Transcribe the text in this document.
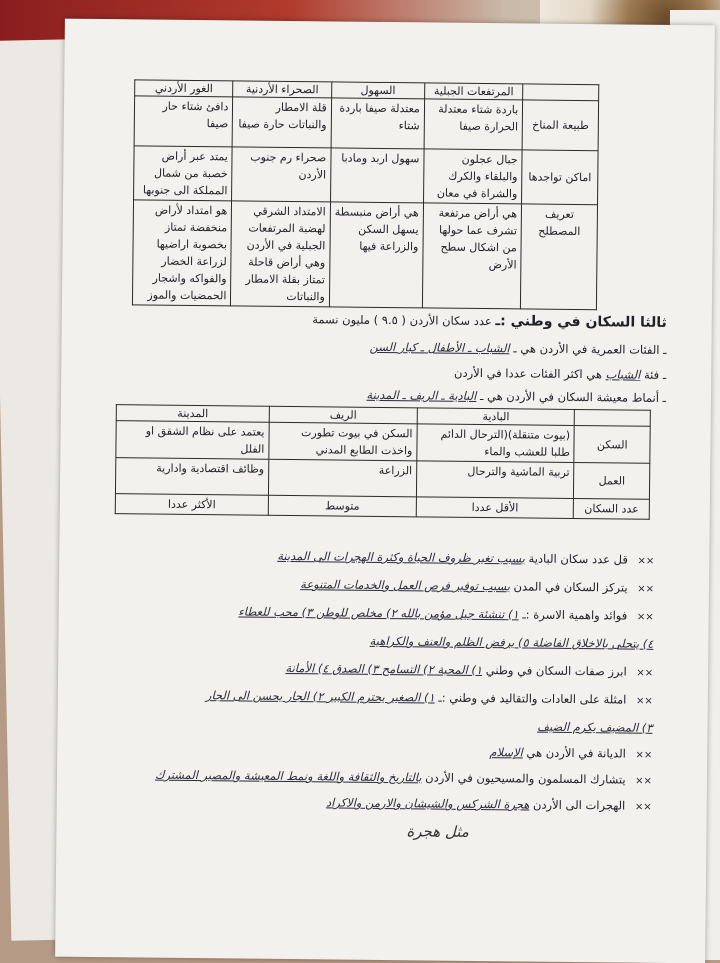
	المرتفعات الجبلية	السهول	الصحراء الأردنية	الغور الأردني
طبيعة المناخ	باردة شتاء معتدلة الحرارة صيفا	معتدلة صيفا باردة شتاء	قلة الامطار والنباتات حارة صيفا	دافئ شتاء حار صيفا
اماكن تواجدها	جبال عجلون والبلقاء والكرك والشراة في معان	سهول اربد ومادبا	صحراء رم جنوب الأردن	يمتد عبر أراض خصبة من شمال المملكة الى جنوبها
تعريف المصطلح	هي أراض مرتفعة تشرف عما حولها من اشكال سطح الأرض	هي أراض منبسطة يسهل السكن والزراعة فيها	الامتداد الشرقي لهضبة المرتفعات الجبلية في الأردن وهي أراض قاحلة تمتاز بقلة الامطار والنباتات	هو امتداد لأراض منخفضة تمتاز بخصوبة اراضيها لزراعة الخضار والفواكه واشجار الحمضيات والموز
ثالثا السكان في وطني :ـ عدد سكان الأردن ( ٩.٥ ) مليون نسمة
ـ الفئات العمرية في الأردن هي ـ الشباب ـ الأطفال ـ كبار السن
ـ فئة الشباب هي اكثر الفئات عددا في الأردن
ـ أنماط معيشة السكان في الأردن هي ـ البادية ـ الريف ـ المدينة
	البادية	الريف	المدينة
السكن	(بيوت متنقلة)(الترحال الدائم طلبا للعشب والماء	السكن في بيوت تطورت واخذت الطابع المدني	يعتمد على نظام الشقق او الفلل
العمل	تربية الماشية والترحال	الزراعة	وظائف اقتصادية وادارية
عدد السكان	الأقل عددا	متوسط	الأكثر عددا
×× قل عدد سكان البادية بسبب تغير ظروف الحياة وكثرة الهجرات الى المدينة
×× يتركز السكان في المدن بسبب توفير فرص العمل والخدمات المتنوعة
×× فوائد واهمية الاسرة :ـ ١) تنشئة جيل مؤمن بالله ٢) مخلص للوطن ٣) محب للعطاء
٤) يتحلى بالاخلاق الفاضلة ٥) يرفض الظلم والعنف والكراهية
×× ابرز صفات السكان في وطني ١) المحبة ٢) التسامح ٣) الصدق ٤) الأمانة
×× امثلة على العادات والتقاليد في وطني :ـ ١) الصغير يحترم الكبير ٢) الجار يحسن الى الجار
٣) المضيف يكرم الضيف
×× الديانة في الأردن هي الإسلام
×× يتشارك المسلمون والمسيحيون في الأردن بالتاريخ والثقافة واللغة ونمط المعيشة والمصير المشترك
×× الهجرات الى الأردن هجرة الشركس والشيشان والارمن والاكراد
مثل هجرة
